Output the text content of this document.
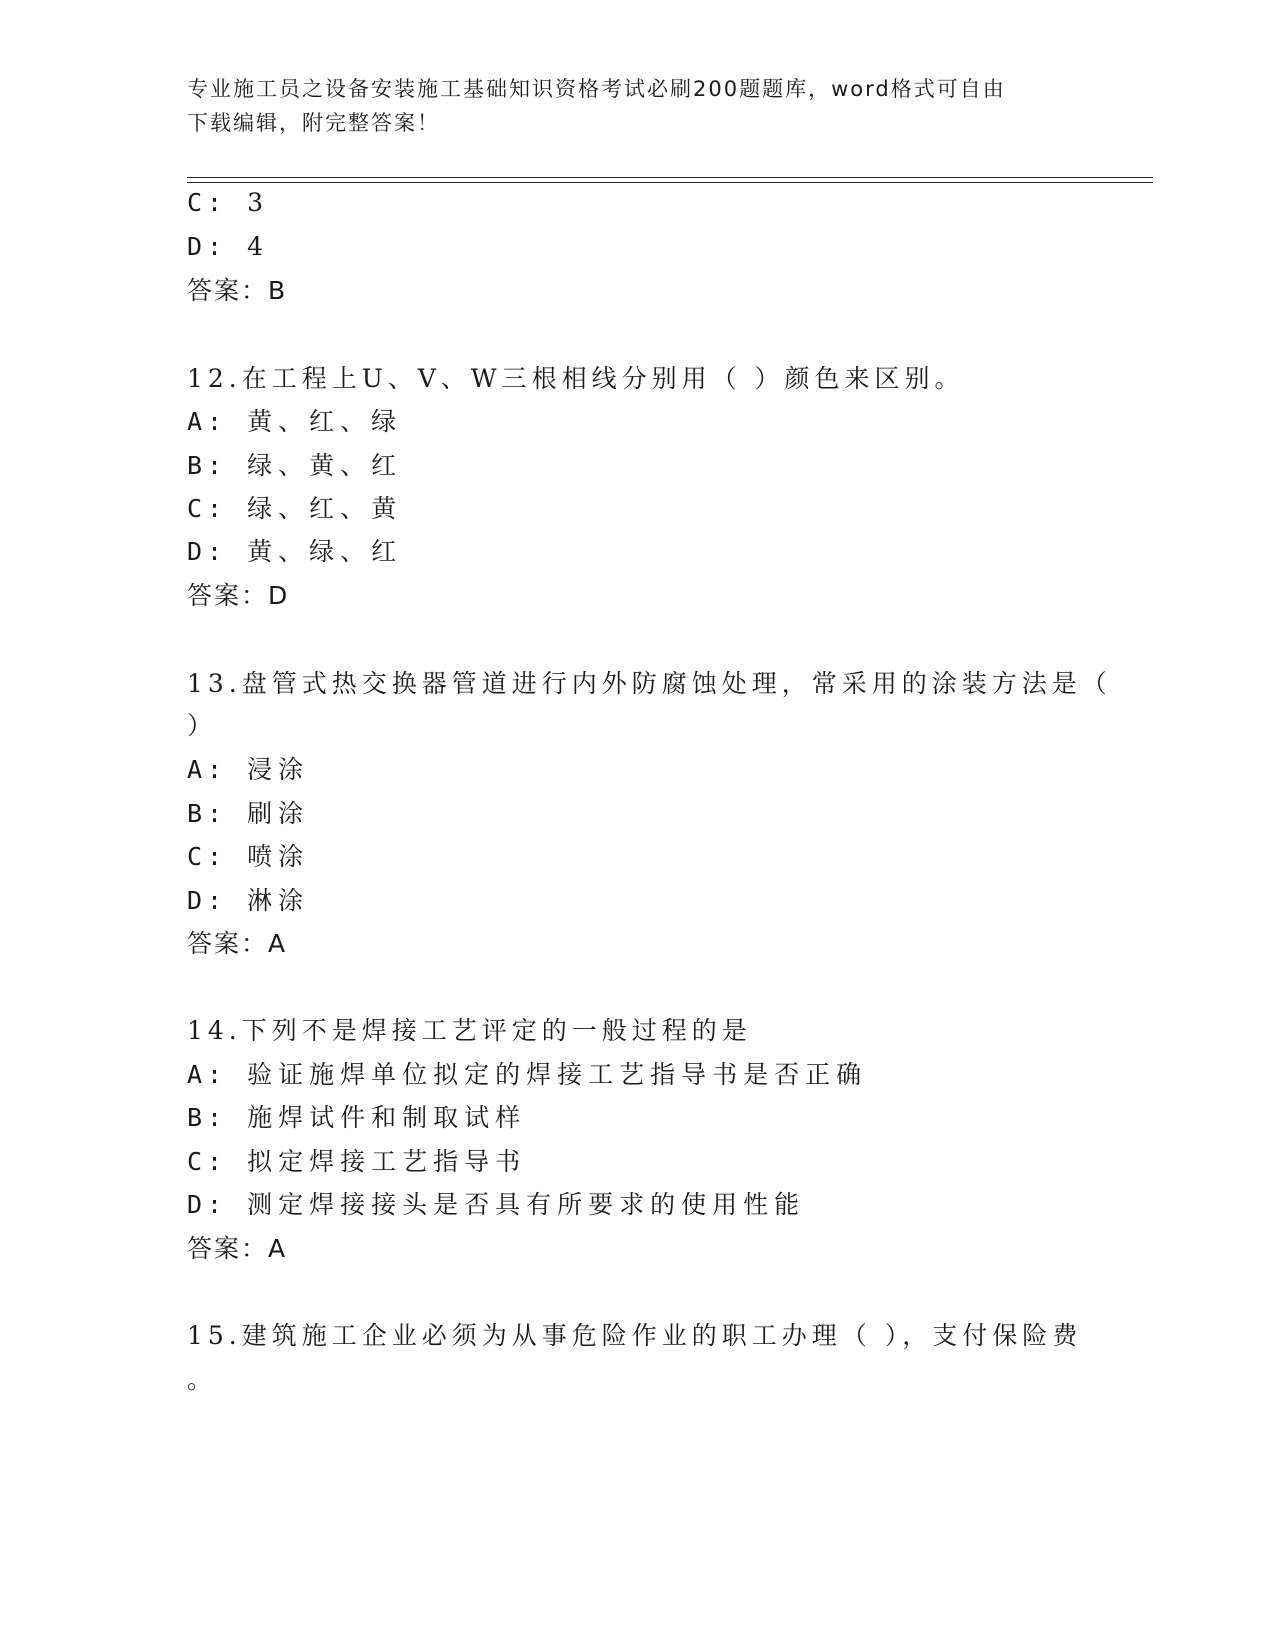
专业施工员之设备安装施工基础知识资格考试必刷200题题库，word格式可自由
下载编辑，附完整答案！
C: 3
D: 4
答案：B
12.在工程上U、V、W三根相线分别用（ ）颜色来区别。
A: 黄、红、绿
B: 绿、黄、红
C: 绿、红、黄
D: 黄、绿、红
答案：D
13.盘管式热交换器管道进行内外防腐蚀处理，常采用的涂装方法是（
）
A: 浸涂
B: 刷涂
C: 喷涂
D: 淋涂
答案：A
14.下列不是焊接工艺评定的一般过程的是
A: 验证施焊单位拟定的焊接工艺指导书是否正确
B: 施焊试件和制取试样
C: 拟定焊接工艺指导书
D: 测定焊接接头是否具有所要求的使用性能
答案：A
15.建筑施工企业必须为从事危险作业的职工办理（ ），支付保险费
。
